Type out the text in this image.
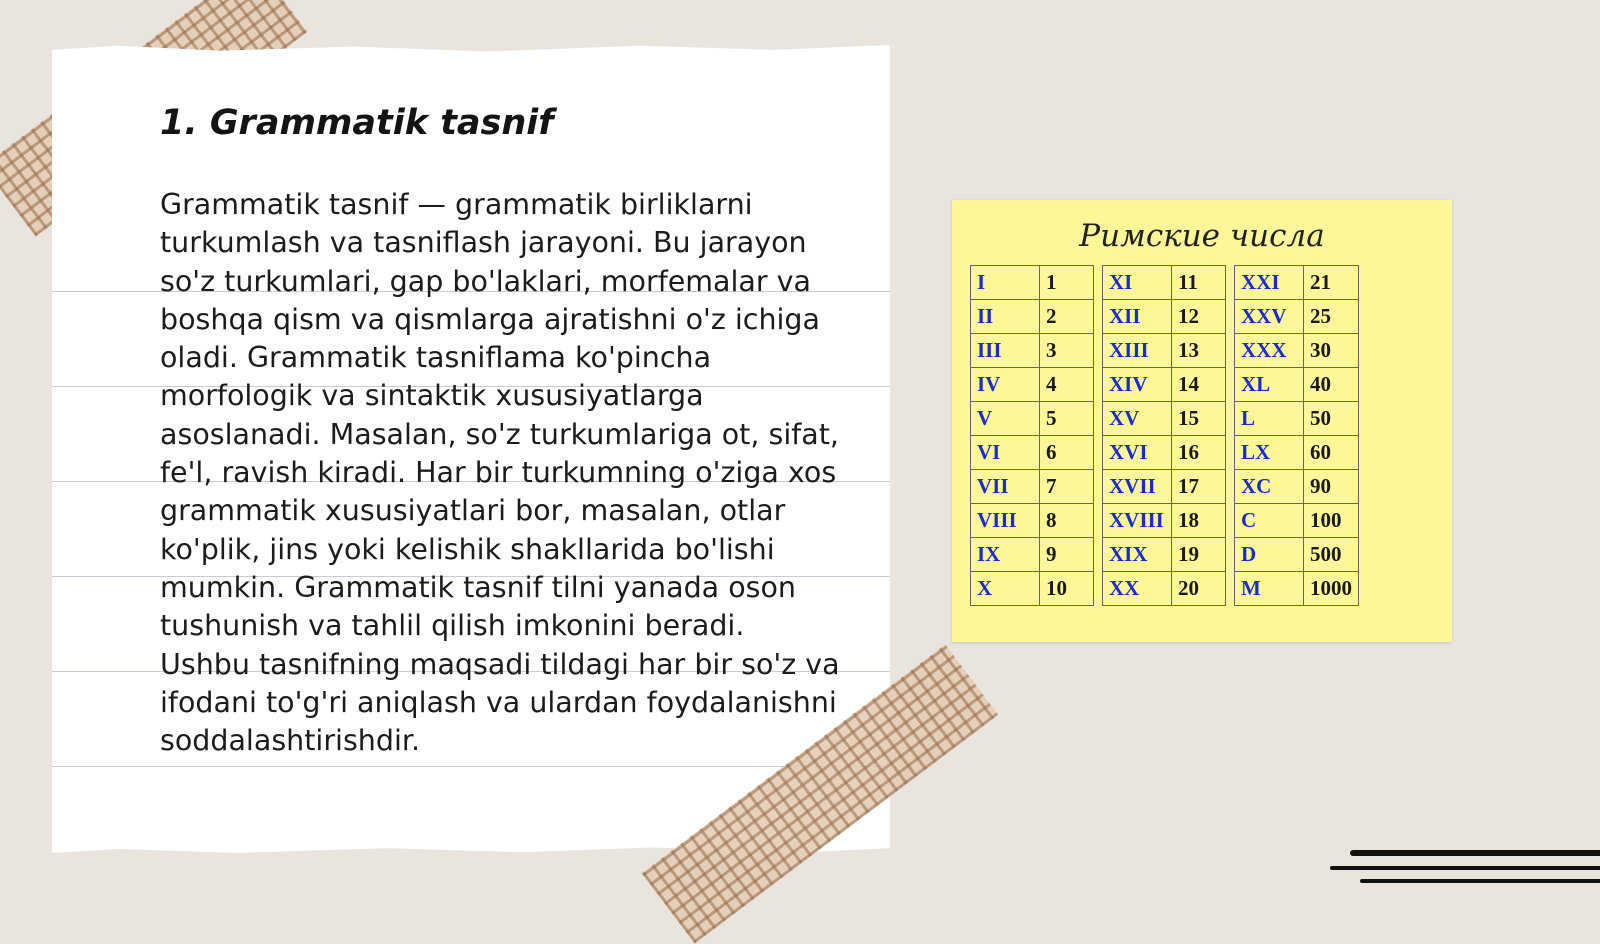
1. Grammatik tasnif

Grammatik tasnif — grammatik birliklarni turkumlash va tasniflash jarayoni. Bu jarayon so'z turkumlari, gap bo'laklari, morfemalar va boshqa qism va qismlarga ajratishni o'z ichiga oladi. Grammatik tasniflama ko'pincha morfologik va sintaktik xususiyatlarga asoslanadi. Masalan, so'z turkumlariga ot, sifat, fe'l, ravish kiradi. Har bir turkumning o'ziga xos grammatik xususiyatlari bor, masalan, otlar ko'plik, jins yoki kelishik shakllarida bo'lishi mumkin. Grammatik tasnif tilni yanada oson tushunish va tahlil qilish imkonini beradi. Ushbu tasnifning maqsadi tildagi har bir so'z va ifodani to'g'ri aniqlash va ulardan foydalanishni soddalashtirishdir.

Римские числа
I	1		XI	11		XXI	21
II	2		XII	12		XXV	25
III	3		XIII	13		XXX	30
IV	4		XIV	14		XL	40
V	5		XV	15		L	50
VI	6		XVI	16		LX	60
VII	7		XVII	17		XC	90
VIII	8		XVIII	18		C	100
IX	9		XIX	19		D	500
X	10		XX	20		M	1000
